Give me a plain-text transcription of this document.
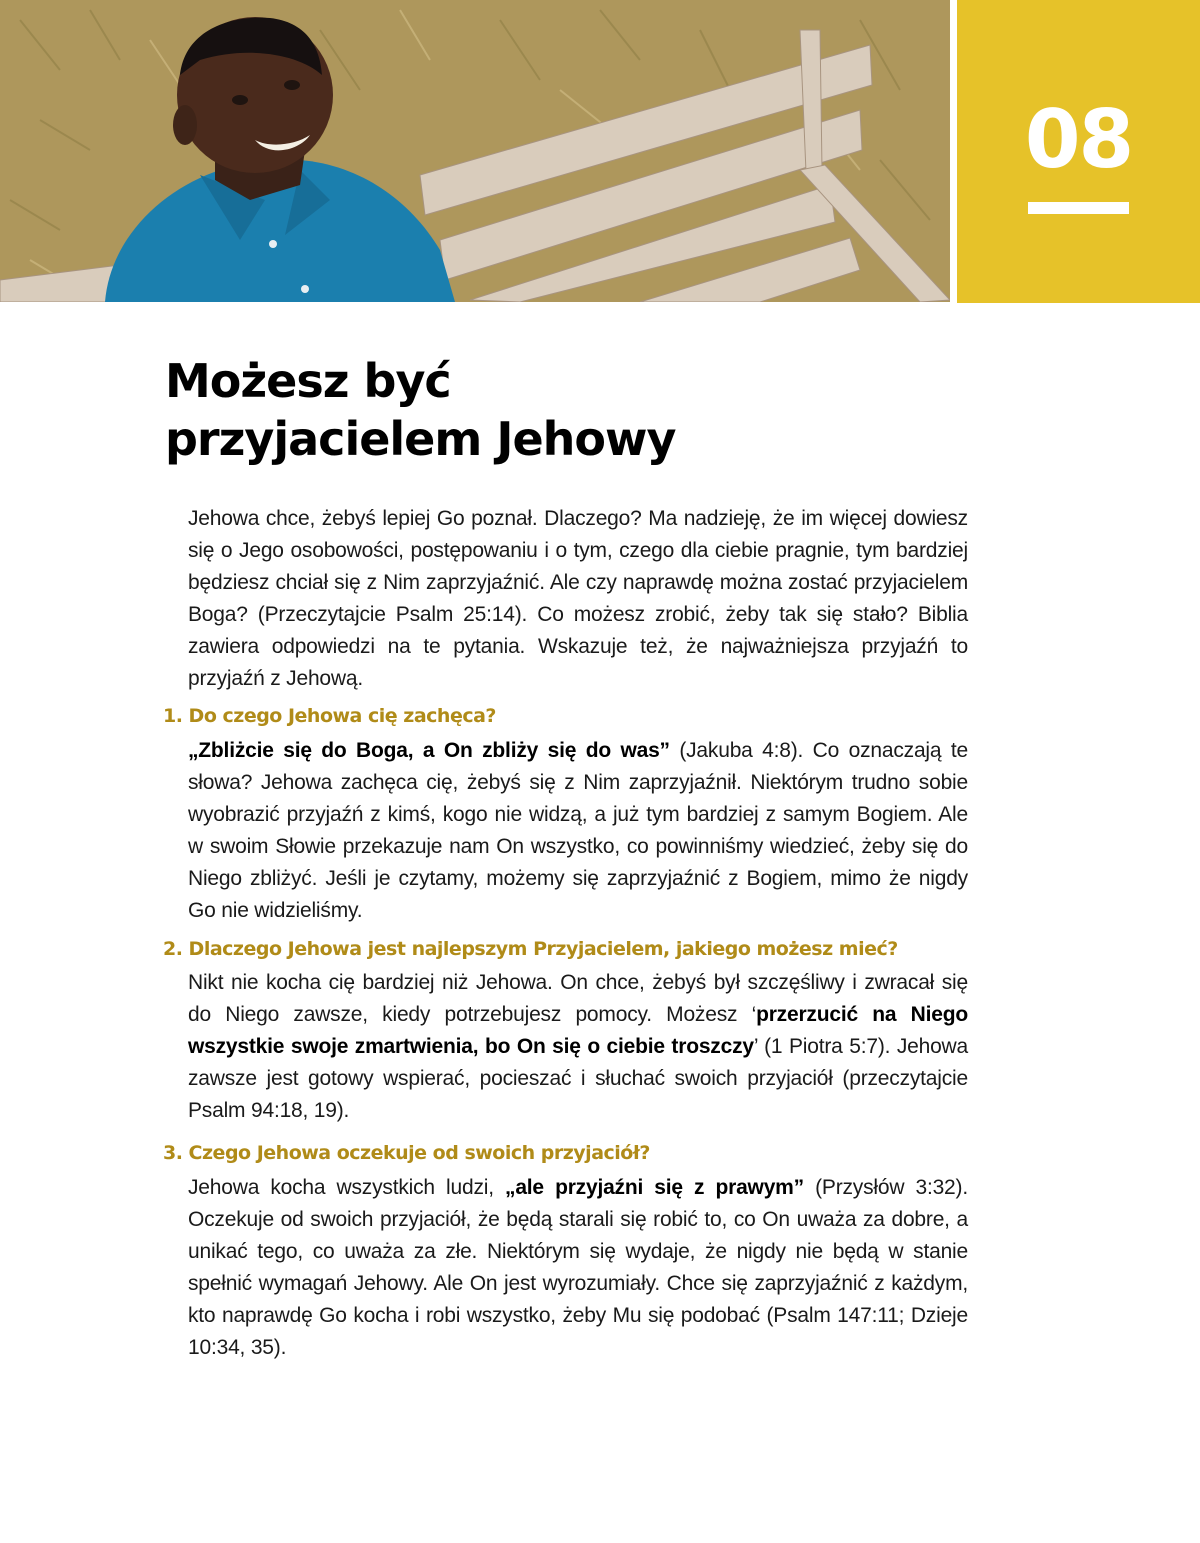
08
Możesz być
przyjacielem Jehowy

Jehowa chce, żebyś lepiej Go poznał. Dlaczego? Ma nadzieję, że im więcej dowiesz się o Jego osobowości, postępowaniu i o tym, czego dla ciebie pragnie, tym bardziej będziesz chciał się z Nim zaprzyjaźnić. Ale czy naprawdę można zostać przyjacielem Boga? (Przeczytajcie Psalm 25:14). Co możesz zrobić, żeby tak się stało? Biblia zawiera odpowiedzi na te pytania. Wskazuje też, że najważniejsza przyjaźń to przyjaźń z Jehową.

1. Do czego Jehowa cię zachęca?

„Zbliżcie się do Boga, a On zbliży się do was” (Jakuba 4:8). Co oznaczają te słowa? Jehowa zachęca cię, żebyś się z Nim zaprzyjaźnił. Niektórym trudno sobie wyobrazić przyjaźń z kimś, kogo nie widzą, a już tym bardziej z samym Bogiem. Ale w swoim Słowie przekazuje nam On wszystko, co powinniśmy wiedzieć, żeby się do Niego zbliżyć. Jeśli je czytamy, możemy się zaprzyjaźnić z Bogiem, mimo że nigdy Go nie widzieliśmy.

2. Dlaczego Jehowa jest najlepszym Przyjacielem, jakiego możesz mieć?

Nikt nie kocha cię bardziej niż Jehowa. On chce, żebyś był szczęśliwy i zwracał się do Niego zawsze, kiedy potrzebujesz pomocy. Możesz ‘przerzucić na Niego wszystkie swoje zmartwienia, bo On się o ciebie troszczy’ (1 Piotra 5:7). Jehowa zawsze jest gotowy wspierać, pocieszać i słuchać swoich przyjaciół (przeczytajcie Psalm 94:18, 19).

3. Czego Jehowa oczekuje od swoich przyjaciół?

Jehowa kocha wszystkich ludzi, „ale przyjaźni się z prawym” (Przysłów 3:32). Oczekuje od swoich przyjaciół, że będą starali się robić to, co On uważa za dobre, a unikać tego, co uważa za złe. Niektórym się wydaje, że nigdy nie będą w stanie spełnić wymagań Jehowy. Ale On jest wyrozumiały. Chce się zaprzyjaźnić z każdym, kto naprawdę Go kocha i robi wszystko, żeby Mu się podobać (Psalm 147:11; Dzieje 10:34, 35).
